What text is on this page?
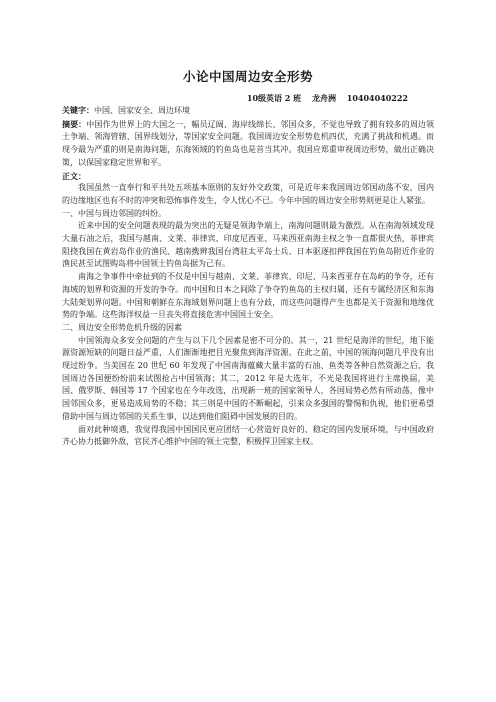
小论中国周边安全形势
10级英语 2 班 龙舟洲 10404040222
关键字：中国、国家安全、周边环境
摘要：中国作为世界上的大国之一，幅员辽阔、海岸线绵长、邻国众多，不觉也导致了拥有较多的周边领土争端、领海管辖、国界线划分，等国家安全问题。我国周边安全形势危机四伏，充满了挑战和机遇。而现今最为严重的则是南海问题，东海领域的钓鱼岛也是首当其冲。我国应郑重审视周边形势，做出正确决策，以保国家稳定世界和平。
正文：

我国虽然一直奉行和平共处五项基本原则的友好外交政策，可是近年来我国周边邻国动荡不安，国内的边缘地区也有不时的冲突和恐怖事件发生，令人忧心不已。今年中国的周边安全形势则更是让人紧张。

一、中国与周边邻国的纠纷。

近来中国的安全问题表现的最为突出的无疑是领海争端上，南海问题则最为激烈。从在南海领域发现大量石油之后，我国与越南、文莱、菲律宾、印度尼西亚、马来西亚南海主权之争一直都很火热，菲律宾阻挠我国在黄岩岛作业的渔民、越南携辨我国台湾驻太平岛士兵、日本驱逐扣押我国在钓鱼岛附近作业的渔民甚至试图购岛将中国领土钓鱼岛据为己有。

南海之争事件中牵扯到的不仅是中国与越南、文莱、菲律宾、印尼、马来西亚存在岛屿的争夺，还有海域的划界和资源的开发的争夺。而中国和日本之间除了争夺钓鱼岛的主权归属，还有专属经济区和东海大陆架划界问题。中国和朝鲜在东海域划界问题上也有分歧，而这些问题得产生也都是关于资源和地缘优势的争端。这些海洋权益一旦丧失将直接危害中国国土安全。

二、周边安全形势危机升级的因素

中国领海众多安全问题的产生与以下几个因素是密不可分的。其一，21 世纪是海洋的世纪，地下能源资源短缺的问题日益严重，人们渐渐地把目光聚焦到海洋资源。在此之前，中国的领海问题几乎没有出现过纷争。当美国在 20 世纪 60 年发现了中国南海蕴藏大量丰富的石油、鱼类等各种自然资源之后，我国周边各国便纷纷前来试图抢占中国领海；其二，2012 年是大选年，不光是我国将进行主席换届，美国、俄罗斯、韩国等 17 个国家也在今年改选，出现新一班的国家领导人，各国局势必然有所动荡，像中国邻国众多，更易造成局势的不稳；其三则是中国的不断崛起，引来众多强国的警惕和仇视，他们更希望借助中国与周边邻国的关系生事，以达到他们阻碍中国发展的目的。

面对此种境遇，我觉得我国中国国民更应团结一心营造好良好的、稳定的国内发展环境，与中国政府齐心协力抵御外敌，官民齐心维护中国的领土完整，积极捍卫国家主权。
